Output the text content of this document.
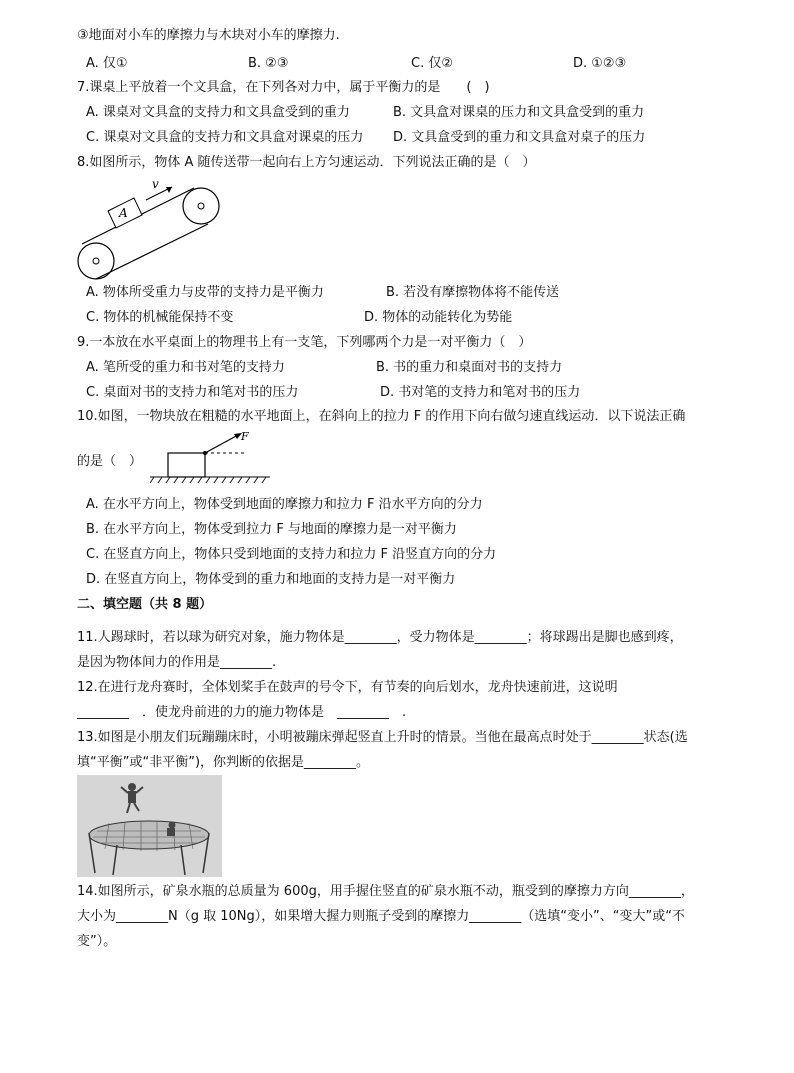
③地面对小车的摩擦力与木块对小车的摩擦力.
A. 仅①	B. ②③	C. 仅②	D. ①②③
7.课桌上平放着一个文具盒，在下列各对力中，属于平衡力的是　　(　)
A. 课桌对文具盒的支持力和文具盒受到的重力	B. 文具盒对课桌的压力和文具盒受到的重力
C. 课桌对文具盒的支持力和文具盒对课桌的压力 D. 文具盒受到的重力和文具盒对桌子的压力
8.如图所示，物体 A 随传送带一起向右上方匀速运动．下列说法正确的是（　）
A
v
A. 物体所受重力与皮带的支持力是平衡力	B. 若没有摩擦物体将不能传送
C. 物体的机械能保持不变	D. 物体的动能转化为势能
9.一本放在水平桌面上的物理书上有一支笔，下列哪两个力是一对平衡力（　）
A. 笔所受的重力和书对笔的支持力	B. 书的重力和桌面对书的支持力
C. 桌面对书的支持力和笔对书的压力	D. 书对笔的支持力和笔对书的压力
10.如图，一物块放在粗糙的水平地面上，在斜向上的拉力 F 的作用下向右做匀速直线运动．以下说法正确
的是（　）
F
A. 在水平方向上，物体受到地面的摩擦力和拉力 F 沿水平方向的分力
B. 在水平方向上，物体受到拉力 F 与地面的摩擦力是一对平衡力
C. 在竖直方向上，物体只受到地面的支持力和拉力 F 沿竖直方向的分力
D. 在竖直方向上，物体受到的重力和地面的支持力是一对平衡力
二、填空题（共 8 题）
11.人踢球时，若以球为研究对象，施力物体是________，受力物体是________；将球踢出是脚也感到疼，
是因为物体间力的作用是________.
12.在进行龙舟赛时，全体划桨手在鼓声的号令下，有节奏的向后划水，龙舟快速前进，这说明
________　．使龙舟前进的力的施力物体是　________　.
13.如图是小朋友们玩蹦蹦床时，小明被蹦床弹起竖直上升时的情景。当他在最高点时处于________状态(选
填“平衡”或“非平衡”)，你判断的依据是________。
14.如图所示，矿泉水瓶的总质量为 600g，用手握住竖直的矿泉水瓶不动，瓶受到的摩擦力方向________，
大小为________N（g 取 10Ng），如果增大握力则瓶子受到的摩擦力________（选填“变小”、“变大”或“不
变”）。
